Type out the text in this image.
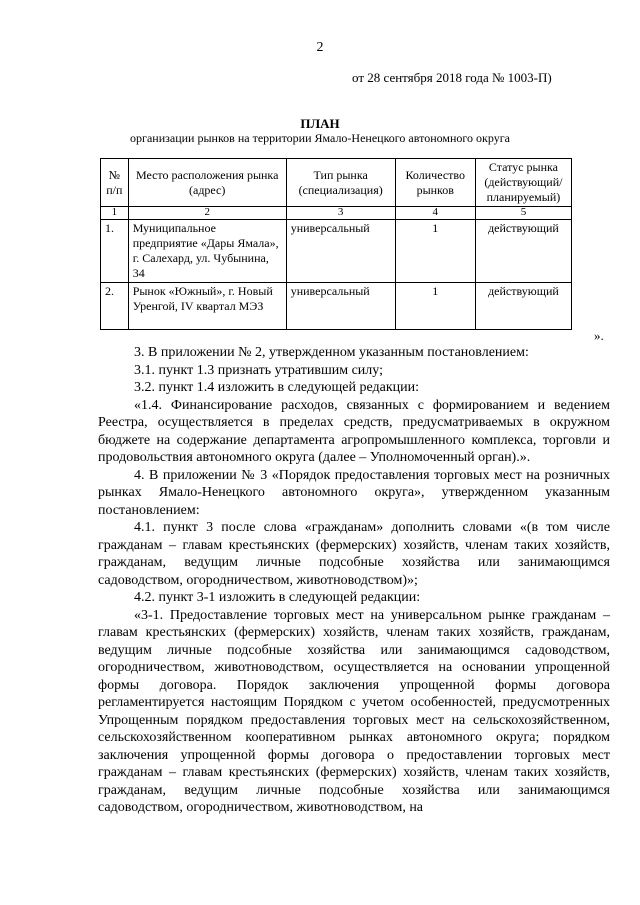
2
от 28 сентября 2018 года № 1003-П)
ПЛАН
организации рынков на территории Ямало-Ненецкого автономного округа
№ п/п	Место расположения рынка (адрес)	Тип рынка (специализация)	Количество рынков	Статус рынка (действующий/ планируемый)
1	2	3	4	5
1.	Муниципальное предприятие «Дары Ямала», г. Салехард, ул. Чубынина, 34	универсальный	1	действующий
2.	Рынок «Южный», г. Новый Уренгой, IV квартал МЭЗ	универсальный	1	действующий
».

3. В приложении № 2, утвержденном указанным постановлением:

3.1. пункт 1.3 признать утратившим силу;

3.2. пункт 1.4 изложить в следующей редакции:

«1.4. Финансирование расходов, связанных с формированием и ведением Реестра, осуществляется в пределах средств, предусматриваемых в окружном бюджете на содержание департамента агропромышленного комплекса, торговли и продовольствия автономного округа (далее – Уполномоченный орган).».

4. В приложении № 3 «Порядок предоставления торговых мест на розничных рынках Ямало-Ненецкого автономного округа», утвержденном указанным постановлением:

4.1. пункт 3 после слова «гражданам» дополнить словами «(в том числе гражданам – главам крестьянских (фермерских) хозяйств, членам таких хозяйств, гражданам, ведущим личные подсобные хозяйства или занимающимся садоводством, огородничеством, животноводством)»;

4.2. пункт 3-1 изложить в следующей редакции:

«3-1. Предоставление торговых мест на универсальном рынке гражданам – главам крестьянских (фермерских) хозяйств, членам таких хозяйств, гражданам, ведущим личные подсобные хозяйства или занимающимся садоводством, огородничеством, животноводством, осуществляется на основании упрощенной формы договора. Порядок заключения упрощенной формы договора регламентируется настоящим Порядком с учетом особенностей, предусмотренных Упрощенным порядком предоставления торговых мест на сельскохозяйственном, сельскохозяйственном кооперативном рынках автономного округа; порядком заключения упрощенной формы договора о предоставлении торговых мест гражданам – главам крестьянских (фермерских) хозяйств, членам таких хозяйств, гражданам, ведущим личные подсобные хозяйства или занимающимся садоводством, огородничеством, животноводством, на
